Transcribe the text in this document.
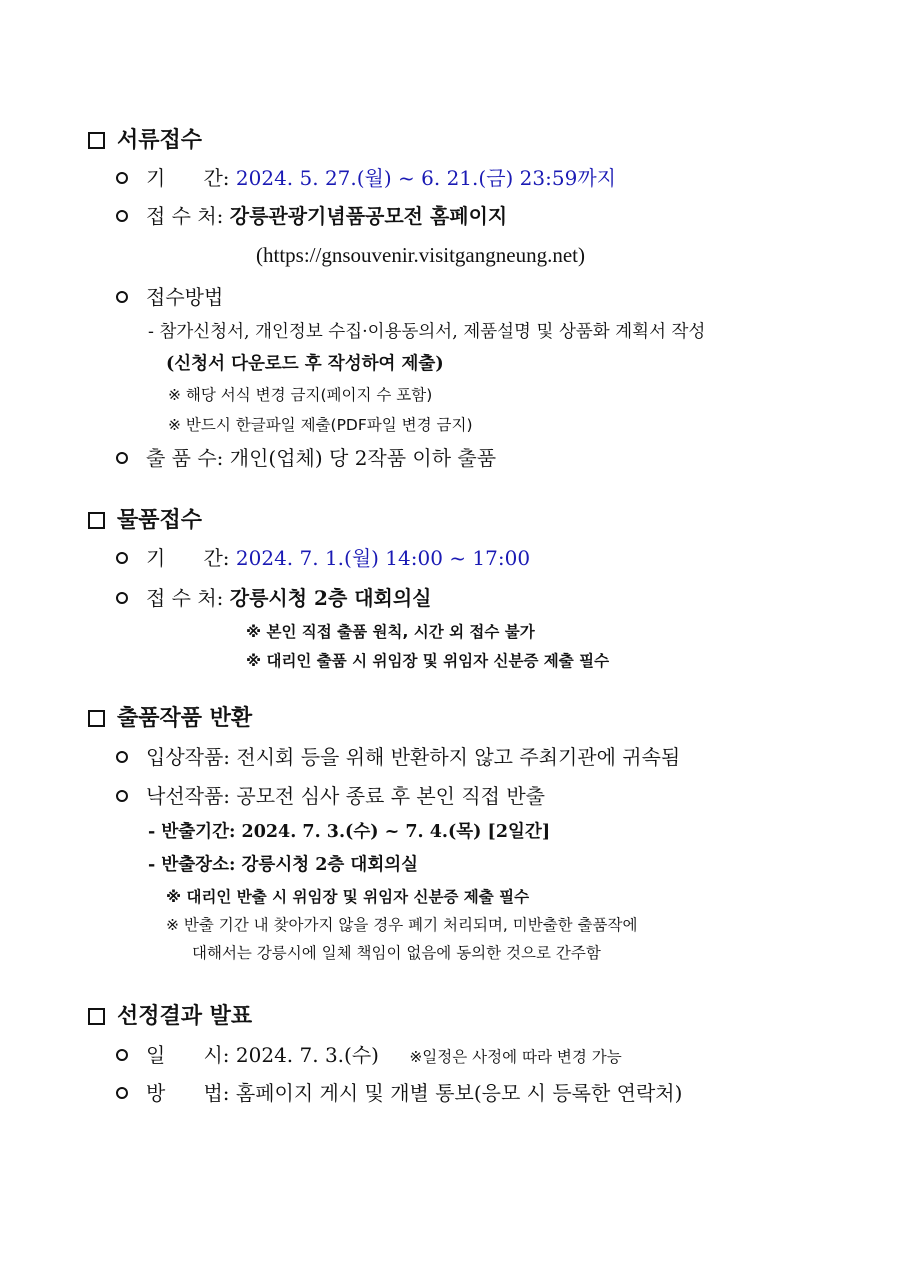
서류접수
기      간: 2024. 5. 27.(월) ~ 6. 21.(금) 23:59까지
접 수 처: 강릉관광기념품공모전 홈페이지
(https://gnsouvenir.visitgangneung.net)
접수방법
- 참가신청서, 개인정보 수집·이용동의서, 제품설명 및 상품화 계획서 작성
(신청서 다운로드 후 작성하여 제출)
※ 해당 서식 변경 금지(페이지 수 포함)
※ 반드시 한글파일 제출(PDF파일 변경 금지)
출 품 수: 개인(업체) 당 2작품 이하 출품
물품접수
기      간: 2024. 7. 1.(월) 14:00 ~ 17:00
접 수 처: 강릉시청 2층 대회의실
※ 본인 직접 출품 원칙, 시간 외 접수 불가
※ 대리인 출품 시 위임장 및 위임자 신분증 제출 필수
출품작품 반환
입상작품: 전시회 등을 위해 반환하지 않고 주최기관에 귀속됨
낙선작품: 공모전 심사 종료 후 본인 직접 반출
- 반출기간: 2024. 7. 3.(수) ~ 7. 4.(목) [2일간]
- 반출장소: 강릉시청 2층 대회의실
※ 대리인 반출 시 위임장 및 위임자 신분증 제출 필수
※ 반출 기간 내 찾아가지 않을 경우 폐기 처리되며, 미반출한 출품작에
대해서는 강릉시에 일체 책임이 없음에 동의한 것으로 간주함
선정결과 발표
일      시: 2024. 7. 3.(수) ※일정은 사정에 따라 변경 가능
방      법: 홈페이지 게시 및 개별 통보(응모 시 등록한 연락처)
